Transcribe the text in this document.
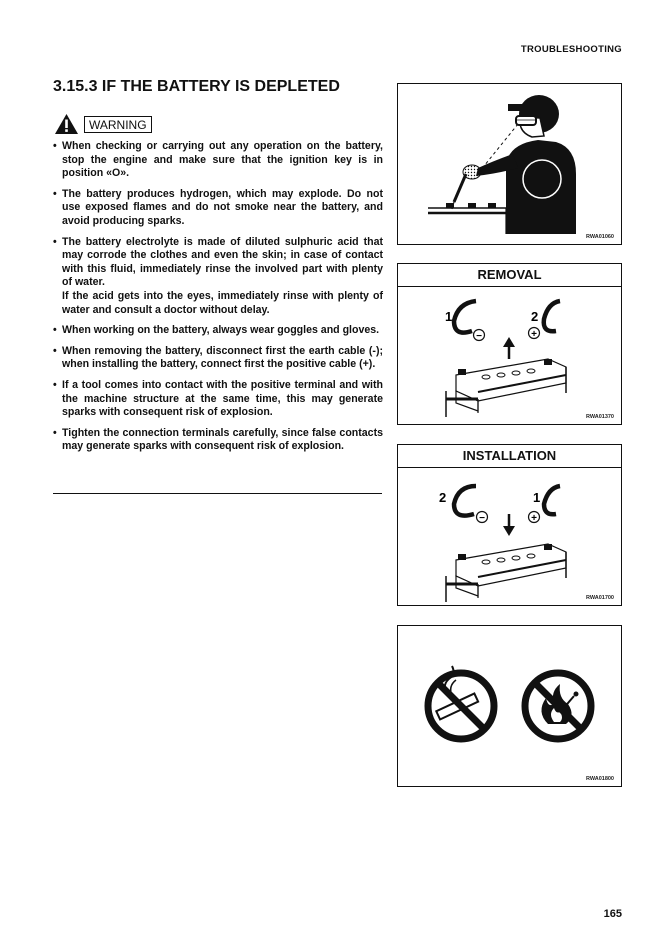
TROUBLESHOOTING
3.15.3 IF THE BATTERY IS DEPLETED
WARNING
• When checking or carrying out any operation on the battery, stop the engine and make sure that the ignition key is in position «O».
• The battery produces hydrogen, which may explode. Do not use exposed flames and do not smoke near the battery, and avoid producing sparks.
• The battery electrolyte is made of diluted sulphuric acid that may corrode the clothes and even the skin; in case of contact with this fluid, immediately rinse the involved part with plenty of water.
If the acid gets into the eyes, immediately rinse with plenty of water and consult a doctor without delay.
• When working on the battery, always wear goggles and gloves.
• When removing the battery, disconnect first the earth cable (-); when installing the battery, connect first the positive cable (+).
• If a tool comes into contact with the positive terminal and with the machine structure at the same time, this may generate sparks with consequent risk of explosion.
• Tighten the connection terminals carefully, since false contacts may generate sparks with consequent risk of explosion.
RWA01060
REMOVAL
1
−
2
+
RWA01370
INSTALLATION
2
−
1
+
RWA01700
RWA01800
165
